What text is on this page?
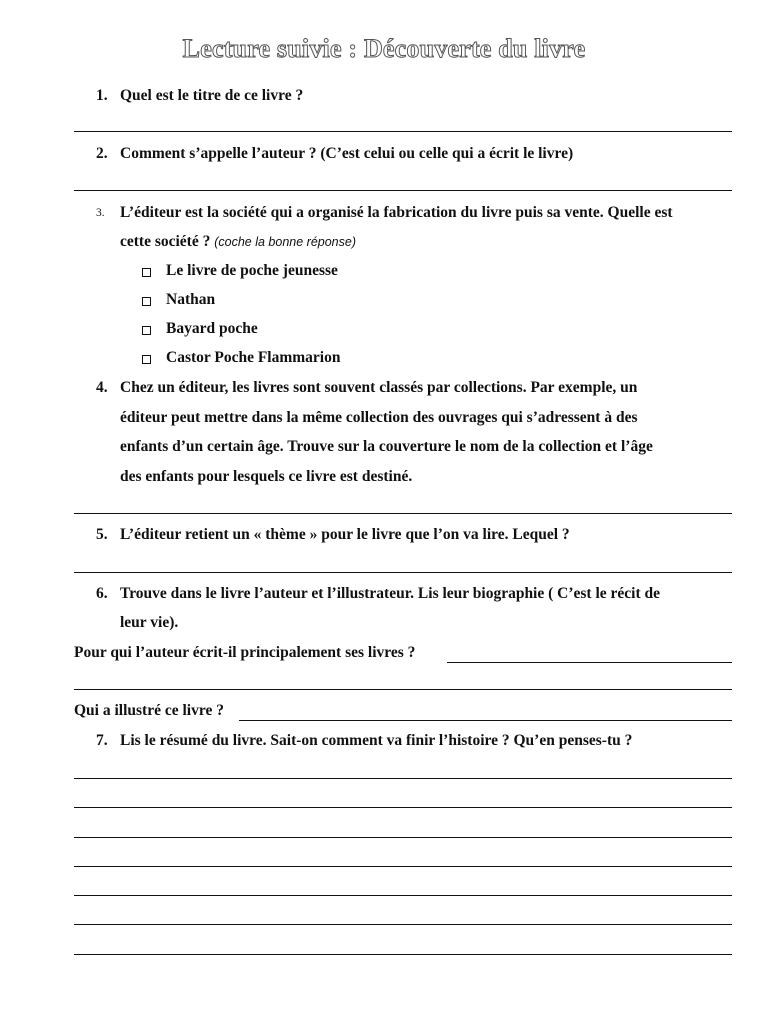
Lecture suivie : Découverte du livre
1. Quel est le titre de ce livre ?
2. Comment s’appelle l’auteur ? (C’est celui ou celle qui a écrit le livre)
3. L’éditeur est la société qui a organisé la fabrication du livre puis sa vente. Quelle est
cette société ? (coche la bonne réponse)
Le livre de poche jeunesse
Nathan
Bayard poche
Castor Poche Flammarion
4. Chez un éditeur, les livres sont souvent classés par collections. Par exemple, un
éditeur peut mettre dans la même collection des ouvrages qui s’adressent à des
enfants d’un certain âge. Trouve sur la couverture le nom de la collection et l’âge
des enfants pour lesquels ce livre est destiné.
5. L’éditeur retient un « thème » pour le livre que l’on va lire. Lequel ?
6. Trouve dans le livre l’auteur et l’illustrateur. Lis leur biographie ( C’est le récit de
leur vie).
Pour qui l’auteur écrit-il principalement ses livres ?
Qui a illustré ce livre ?
7. Lis le résumé du livre. Sait-on comment va finir l’histoire ? Qu’en penses-tu ?
